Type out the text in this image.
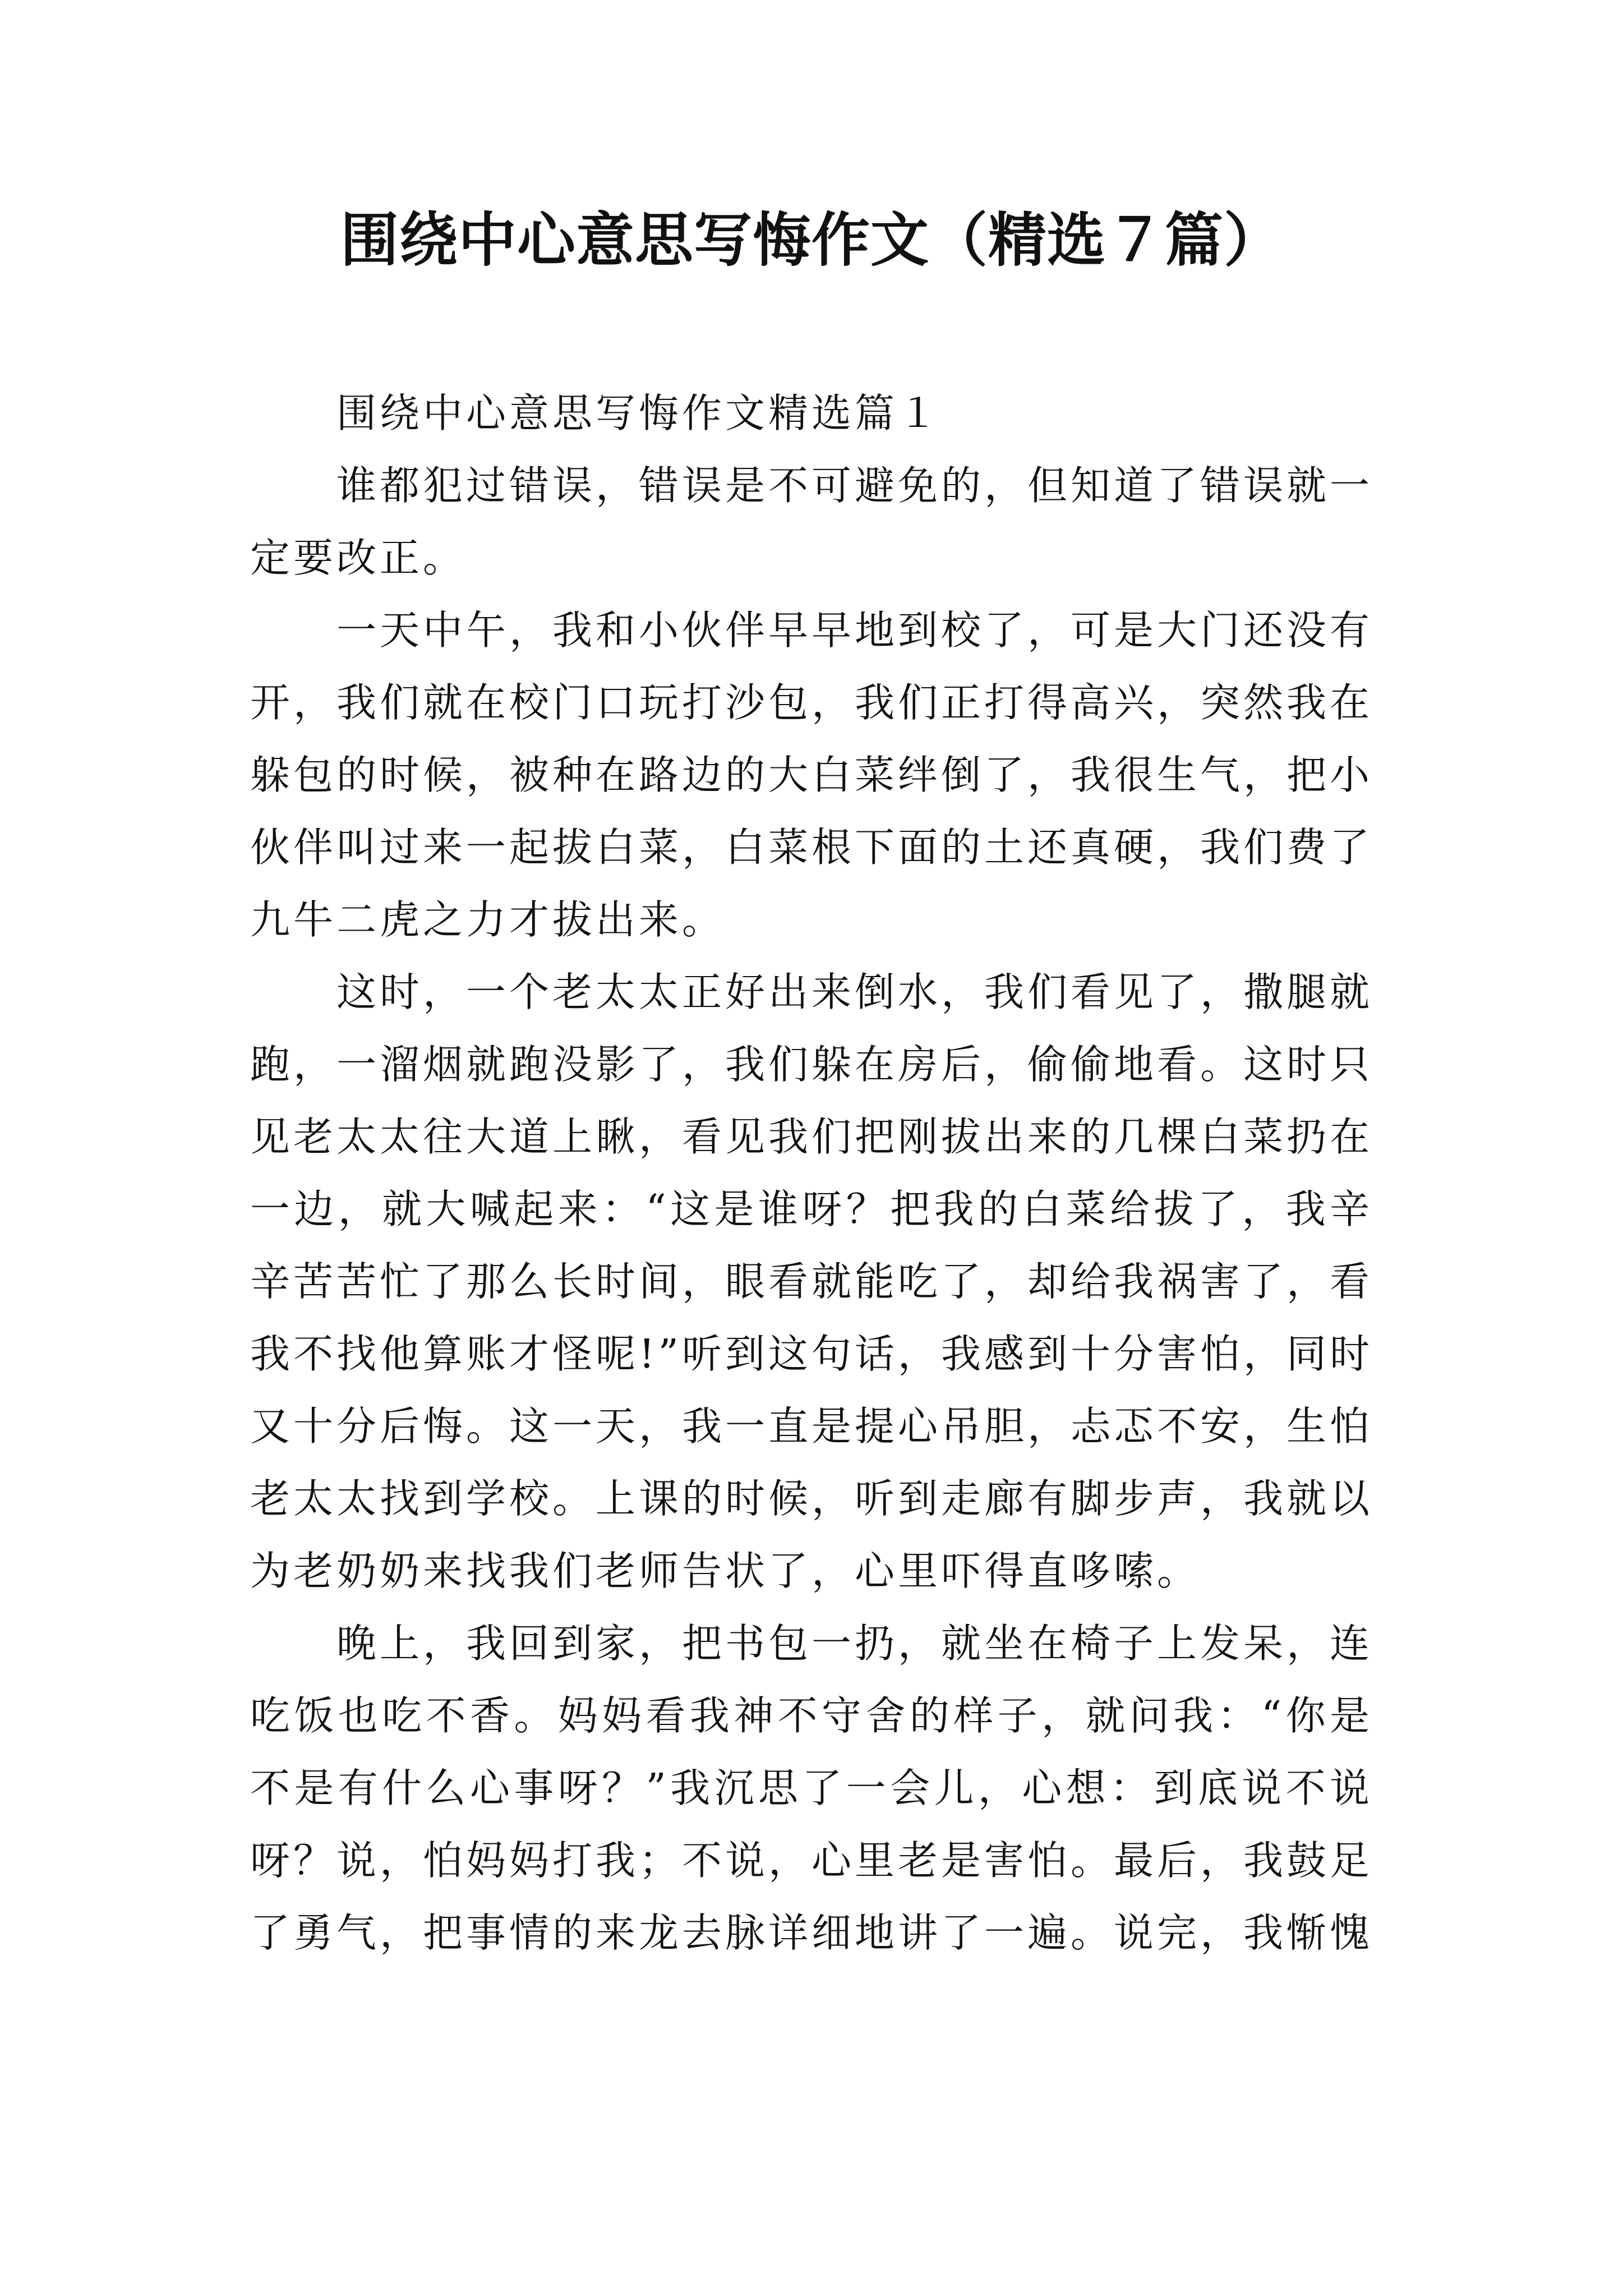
围绕中心意思写悔作文（精选７篇）

围绕中心意思写悔作文精选篇１

谁都犯过错误，错误是不可避免的，但知道了错误就一定要改正。

一天中午，我和小伙伴早早地到校了，可是大门还没有开，我们就在校门口玩打沙包，我们正打得高兴，突然我在躲包的时候，被种在路边的大白菜绊倒了，我很生气，把小伙伴叫过来一起拔白菜，白菜根下面的土还真硬，我们费了九牛二虎之力才拔出来。

这时，一个老太太正好出来倒水，我们看见了，撒腿就跑，一溜烟就跑没影了，我们躲在房后，偷偷地看。这时只见老太太往大道上瞅，看见我们把刚拔出来的几棵白菜扔在一边，就大喊起来：“这是谁呀？把我的白菜给拔了，我辛辛苦苦忙了那么长时间，眼看就能吃了，却给我祸害了，看我不找他算账才怪呢!”听到这句话，我感到十分害怕，同时又十分后悔。这一天，我一直是提心吊胆，忐忑不安，生怕老太太找到学校。上课的时候，听到走廊有脚步声，我就以为老奶奶来找我们老师告状了，心里吓得直哆嗦。

晚上，我回到家，把书包一扔，就坐在椅子上发呆，连吃饭也吃不香。妈妈看我神不守舍的样子，就问我：“你是不是有什么心事呀？”我沉思了一会儿，心想：到底说不说呀？说，怕妈妈打我；不说，心里老是害怕。最后，我鼓足了勇气，把事情的来龙去脉详细地讲了一遍。说完，我惭愧
